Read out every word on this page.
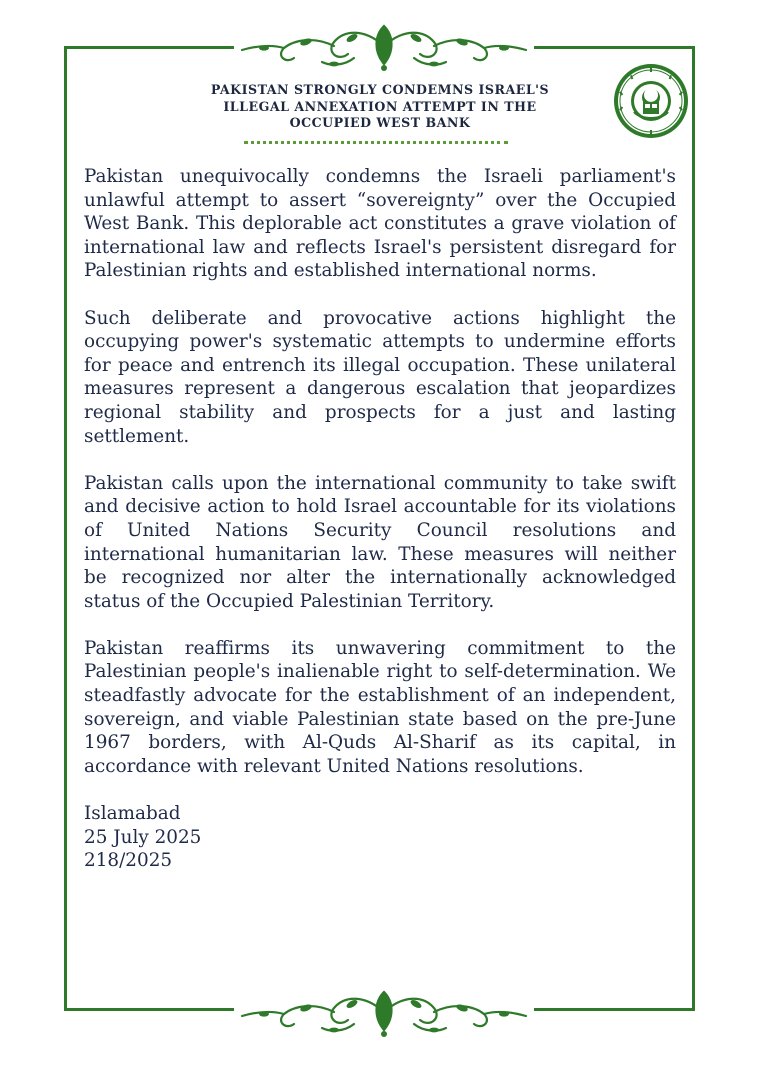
PAKISTAN STRONGLY CONDEMNS ISRAEL'S
ILLEGAL ANNEXATION ATTEMPT IN THE
OCCUPIED WEST BANK

Pakistan unequivocally condemns the Israeli parliament's unlawful attempt to assert “sovereignty” over the Occupied West Bank. This deplorable act constitutes a grave violation of international law and reflects Israel's persistent disregard for Palestinian rights and established international norms.

Such deliberate and provocative actions highlight the occupying power's systematic attempts to undermine efforts for peace and entrench its illegal occupation. These unilateral measures represent a dangerous escalation that jeopardizes regional stability and prospects for a just and lasting settlement.

Pakistan calls upon the international community to take swift and decisive action to hold Israel accountable for its violations of United Nations Security Council resolutions and international humanitarian law. These measures will neither be recognized nor alter the internationally acknowledged status of the Occupied Palestinian Territory.

Pakistan reaffirms its unwavering commitment to the Palestinian people's inalienable right to self-determination. We steadfastly advocate for the establishment of an independent, sovereign, and viable Palestinian state based on the pre-June 1967 borders, with Al-Quds Al-Sharif as its capital, in accordance with relevant United Nations resolutions.

Islamabad
25 July 2025
218/2025
